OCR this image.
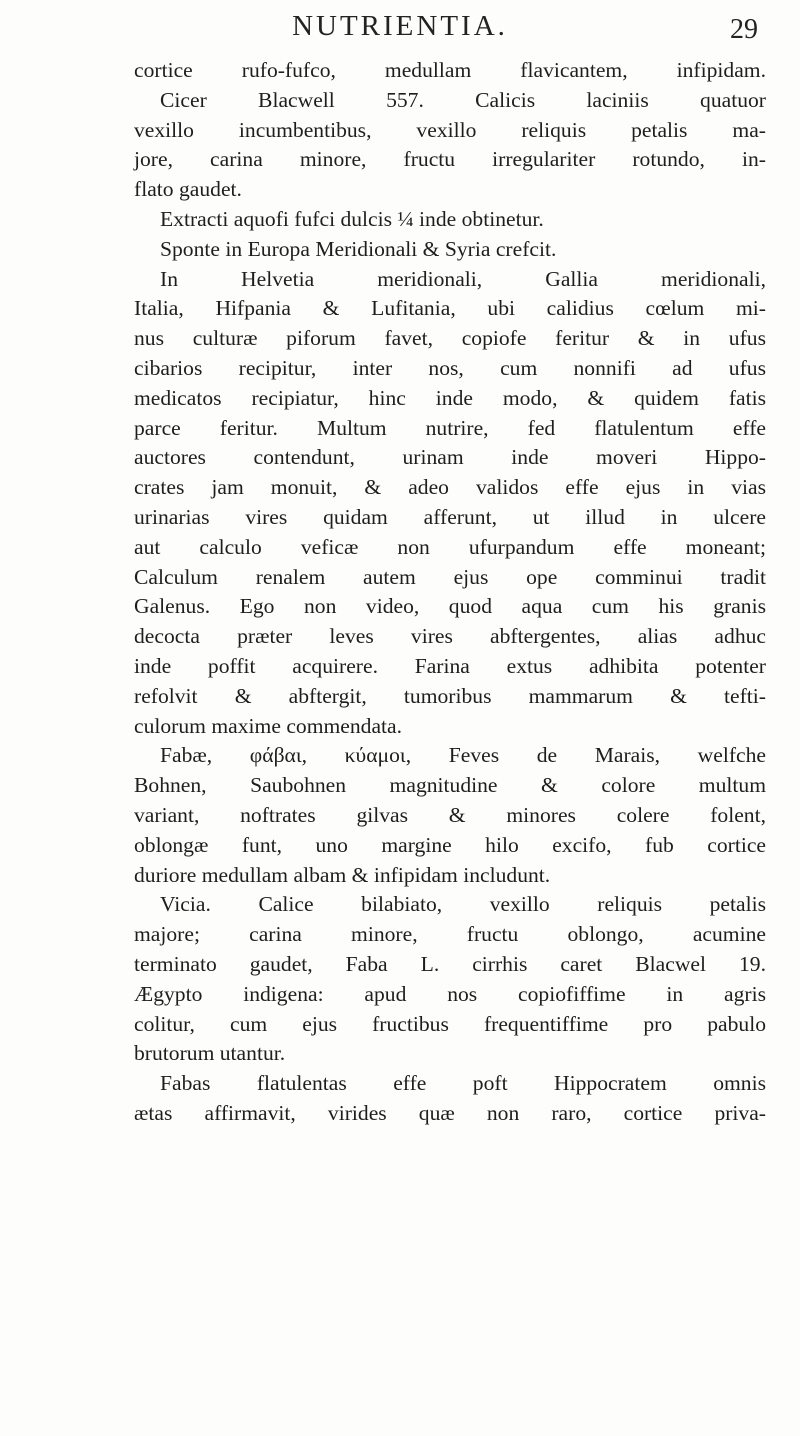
NUTRIENTIA.	29
cortice rufo-fufco, medullam flavicantem, infipidam.
Cicer Blacwell 557. Calicis laciniis quatuor
vexillo incumbentibus, vexillo reliquis petalis ma-
jore, carina minore, fructu irregulariter rotundo, in-
flato gaudet.
Extracti aquofi fufci dulcis ¼ inde obtinetur.
Sponte in Europa Meridionali & Syria crefcit.
In Helvetia meridionali, Gallia meridionali,
Italia, Hifpania & Lufitania, ubi calidius cœlum mi-
nus culturæ piforum favet, copiofe feritur & in ufus
cibarios recipitur, inter nos, cum nonnifi ad ufus
medicatos recipiatur, hinc inde modo, & quidem fatis
parce feritur. Multum nutrire, fed flatulentum effe
auctores contendunt, urinam inde moveri Hippo-
crates jam monuit, & adeo validos effe ejus in vias
urinarias vires quidam afferunt, ut illud in ulcere
aut calculo veficæ non ufurpandum effe moneant;
Calculum renalem autem ejus ope comminui tradit
Galenus. Ego non video, quod aqua cum his granis
decocta præter leves vires abftergentes, alias adhuc
inde poffit acquirere. Farina extus adhibita potenter
refolvit & abftergit, tumoribus mammarum & tefti-
culorum maxime commendata.
Fabæ, φάβαι, κύαμοι, Feves de Marais, welfche
Bohnen, Saubohnen magnitudine & colore multum
variant, noftrates gilvas & minores colere folent,
oblongæ funt, uno margine hilo excifo, fub cortice
duriore medullam albam & infipidam includunt.
Vicia. Calice bilabiato, vexillo reliquis petalis
majore; carina minore, fructu oblongo, acumine
terminato gaudet, Faba L. cirrhis caret Blacwel 19.
Ægypto indigena: apud nos copiofiffime in agris
colitur, cum ejus fructibus frequentiffime pro pabulo
brutorum utantur.
Fabas flatulentas effe poft Hippocratem omnis
ætas affirmavit, virides quæ non raro, cortice priva-
